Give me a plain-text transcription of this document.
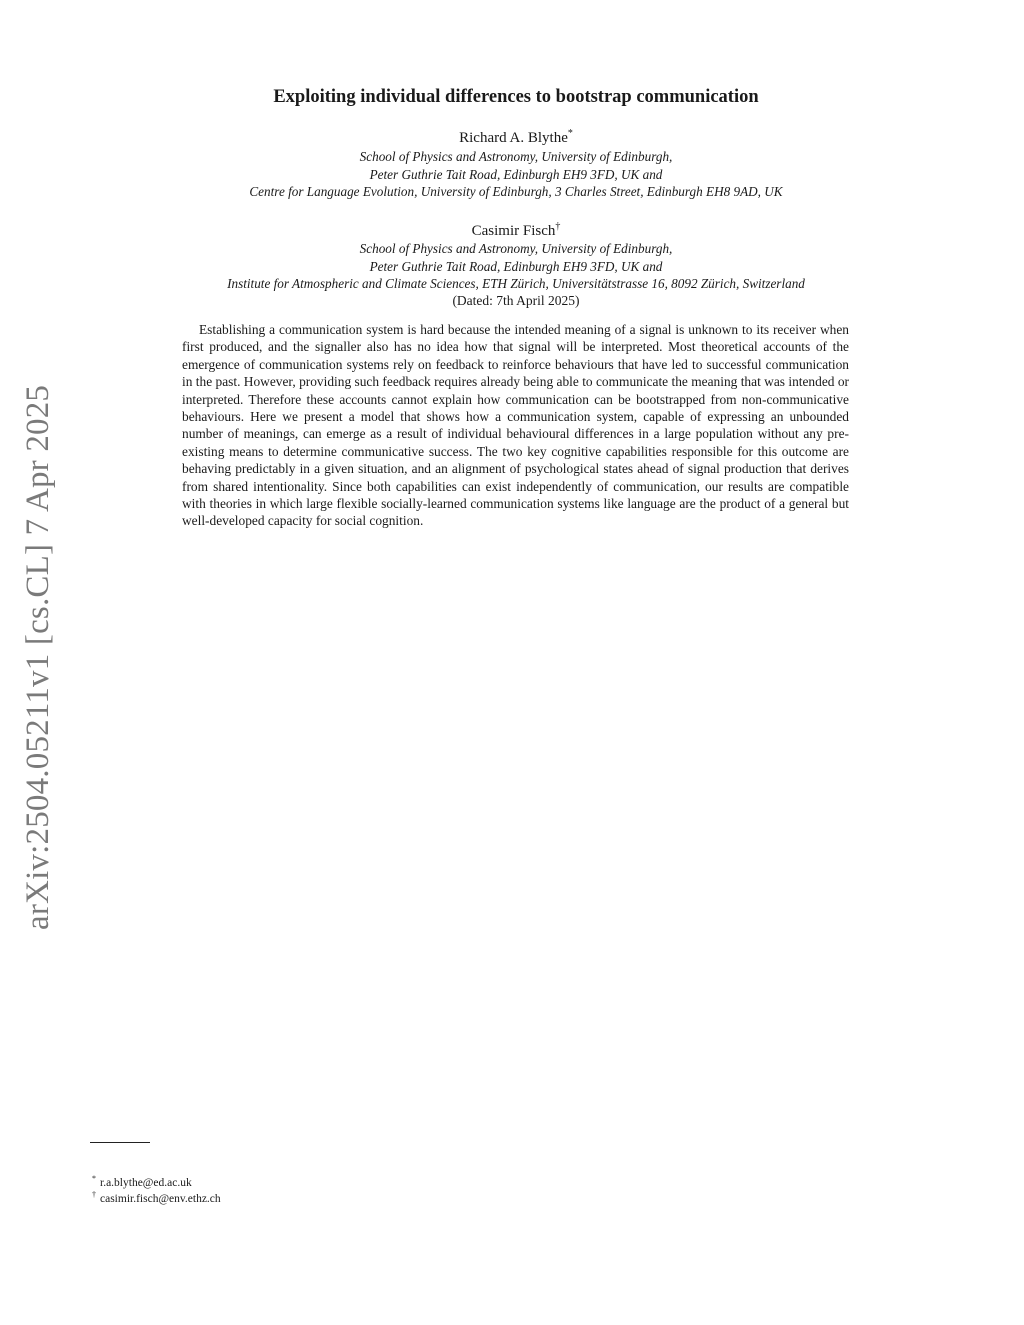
arXiv:2504.05211v1 [cs.CL] 7 Apr 2025
Exploiting individual differences to bootstrap communication
Richard A. Blythe*
School of Physics and Astronomy, University of Edinburgh,
Peter Guthrie Tait Road, Edinburgh EH9 3FD, UK and
Centre for Language Evolution, University of Edinburgh, 3 Charles Street, Edinburgh EH8 9AD, UK
Casimir Fisch†
School of Physics and Astronomy, University of Edinburgh,
Peter Guthrie Tait Road, Edinburgh EH9 3FD, UK and
Institute for Atmospheric and Climate Sciences, ETH Zürich, Universitätstrasse 16, 8092 Zürich, Switzerland
(Dated: 7th April 2025)
Establishing a communication system is hard because the intended meaning of a signal is unknown to its receiver when first produced, and the signaller also has no idea how that signal will be interpreted. Most theoretical accounts of the emergence of communication systems rely on feedback to reinforce behaviours that have led to successful communication in the past. However, providing such feedback requires already being able to communicate the meaning that was intended or interpreted. Therefore these accounts cannot explain how communication can be bootstrapped from non-communicative behaviours. Here we present a model that shows how a communication system, capable of expressing an unbounded number of meanings, can emerge as a result of individual behavioural differences in a large population without any pre-existing means to determine communicative success. The two key cognitive capabilities responsible for this outcome are behaving predictably in a given situation, and an alignment of psychological states ahead of signal production that derives from shared intentionality. Since both capabilities can exist independently of communication, our results are compatible with theories in which large flexible socially-learned communication systems like language are the product of a general but well-developed capacity for social cognition.
* r.a.blythe@ed.ac.uk
† casimir.fisch@env.ethz.ch
